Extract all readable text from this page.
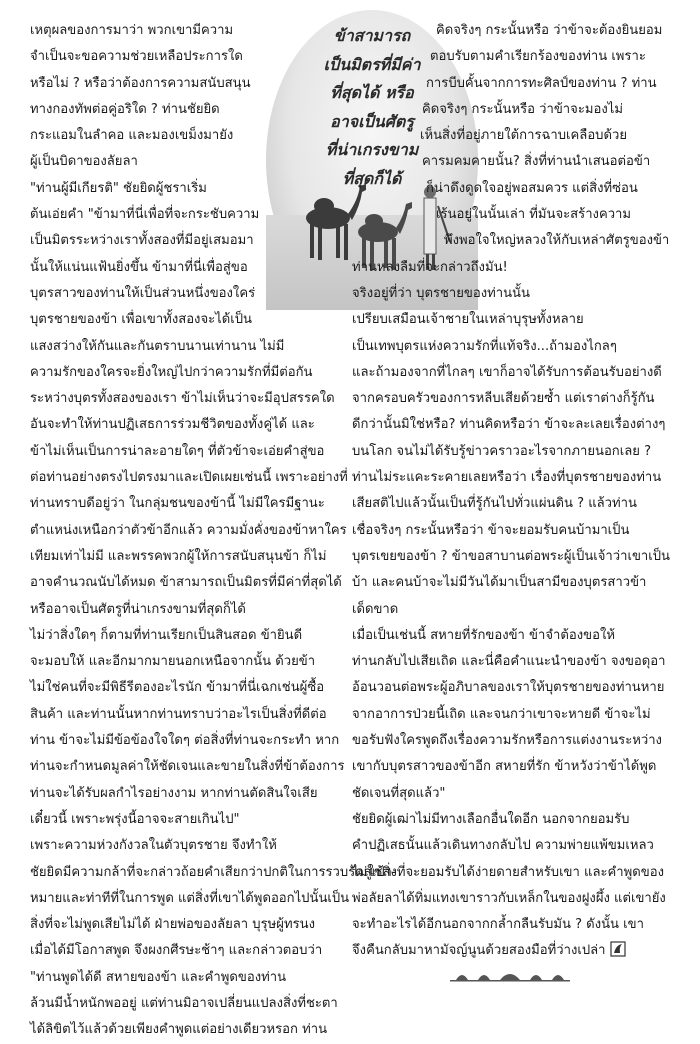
ข้าสามารถ
เป็นมิตรที่มีค่า
ที่สุดได้ หรือ
อาจเป็นศัตรู
ที่น่าเกรงขาม
ที่สุดก็ได้

เหตุผลของการมาว่า พวกเขามีความ

จำเป็นจะขอความช่วยเหลือประการใด

หรือไม่ ? หรือว่าต้องการความสนับสนุน

ทางกองทัพต่อคู่อริใด ? ท่านชัยยิด

กระแอมในลำคอ และมองเขม็งมายัง

ผู้เป็นบิดาของลัยลา

"ท่านผู้มีเกียรติ" ชัยยิดผู้ชราเริ่ม

ต้นเอ่ยคำ "ข้ามาที่นี่เพื่อที่จะกระชับความ

เป็นมิตรระหว่างเราทั้งสองที่มีอยู่เสมอมา

นั้นให้แน่นแฟ้นยิ่งขึ้น ข้ามาที่นี่เพื่อสู่ขอ

บุตรสาวของท่านให้เป็นส่วนหนึ่งของใคร่

บุตรชายของข้า เพื่อเขาทั้งสองจะได้เป็น

แสงสว่างให้กันและกันตราบนานเท่านาน ไม่มี

ความรักของใครจะยิ่งใหญ่ไปกว่าความรักที่มีต่อกัน

ระหว่างบุตรทั้งสองของเรา ข้าไม่เห็นว่าจะมีอุปสรรคใด

อันจะทำให้ท่านปฏิเสธการร่วมชีวิตของทั้งคู่ได้ และ

ข้าไม่เห็นเป็นการน่าละอายใดๆ ที่ตัวข้าจะเอ่ยคำสู่ขอ

ต่อท่านอย่างตรงไปตรงมาและเปิดเผยเช่นนี้ เพราะอย่างที่

ท่านทราบดีอยู่ว่า ในกลุ่มชนของข้านี้ ไม่มีใครมีฐานะ

ตำแหน่งเหนือกว่าตัวข้าอีกแล้ว ความมั่งคั่งของข้าหาใคร

เทียมเท่าไม่มี และพรรคพวกผู้ให้การสนับสนุนข้า ก็ไม่

อาจคำนวณนับได้หมด ข้าสามารถเป็นมิตรที่มีค่าที่สุดได้

หรืออาจเป็นศัตรูที่น่าเกรงขามที่สุดก็ได้

ไม่ว่าสิ่งใดๆ ก็ตามที่ท่านเรียกเป็นสินสอด ข้ายินดี

จะมอบให้ และอีกมากมายนอกเหนือจากนั้น ด้วยข้า

ไม่ใช่คนที่จะมีพิธีรีตองอะไรนัก ข้ามาที่นี่เฉกเช่นผู้ซื้อ

สินค้า และท่านนั้นหากท่านทราบว่าอะไรเป็นสิ่งที่ดีต่อ

ท่าน ข้าจะไม่มีข้อข้องใจใดๆ ต่อสิ่งที่ท่านจะกระทำ หาก

ท่านจะกำหนดมูลค่าให้ชัดเจนและขายในสิ่งที่ข้าต้องการ

ท่านจะได้รับผลกำไรอย่างงาม หากท่านตัดสินใจเสีย

เดี๋ยวนี้ เพราะพรุ่งนี้อาจจะสายเกินไป"

เพราะความห่วงกังวลในตัวบุตรชาย จึงทำให้

ชัยยิดมีความกล้าที่จะกล่าวถ้อยคำเสียกว่าปกติในการรวบรัดสู่เป้า-

หมายและท่าทีที่ในการพูด แต่สิ่งที่เขาได้พูดออกไปนั้นเป็น

สิ่งที่จะไม่พูดเสียไม่ได้ ฝ่ายพ่อของลัยลา บุรุษผู้ทรนง

เมื่อได้มีโอกาสพูด จึงผงกศีรษะช้าๆ และกล่าวตอบว่า

"ท่านพูดได้ดี สหายของข้า และคำพูดของท่าน

ล้วนมีน้ำหนักพออยู่ แต่ท่านมิอาจเปลี่ยนแปลงสิ่งที่ชะตา

ได้ลิขิตไว้แล้วด้วยเพียงคำพูดแต่อย่างเดียวหรอก ท่าน

คิดจริงๆ กระนั้นหรือ ว่าข้าจะต้องยินยอม

ตอบรับตามคำเรียกร้องของท่าน เพราะ

การบีบคั้นจากการทะศิลป์ของท่าน ? ท่าน

คิดจริงๆ กระนั้นหรือ ว่าข้าจะมองไม่

เห็นสิ่งที่อยู่ภายใต้การฉาบเคลือบด้วย

คารมคมคายนั้น? สิ่งที่ท่านนำเสนอต่อข้า

ก็น่าดึงดูดใจอยู่พอสมควร แต่สิ่งที่ซ่อน

เร้นอยู่ในนั้นเล่า ที่มันจะสร้างความ

พึงพอใจใหญ่หลวงให้กับเหล่าศัตรูของข้า

ท่านหลงลืมที่จะกล่าวถึงมัน!

จริงอยู่ที่ว่า บุตรชายของท่านนั้น

เปรียบเสมือนเจ้าชายในเหล่าบุรุษทั้งหลาย

เป็นเทพบุตรแห่งความรักที่แท้จริง...ถ้ามองไกลๆ

และถ้ามองจากที่ไกลๆ เขาก็อาจได้รับการต้อนรับอย่างดี

จากครอบครัวของการหลีบเสียด้วยซ้ำ แต่เราต่างก็รู้กัน

ดีกว่านั้นมิใช่หรือ? ท่านคิดหรือว่า ข้าจะละเลยเรื่องต่างๆ

บนโลก จนไม่ได้รับรู้ข่าวคราวอะไรจากภายนอกเลย ?

ท่านไม่ระแคะระคายเลยหรือว่า เรื่องที่บุตรชายของท่าน

เสียสติไปแล้วนั้นเป็นที่รู้กันไปทั่วแผ่นดิน ? แล้วท่าน

เชื่อจริงๆ กระนั้นหรือว่า ข้าจะยอมรับคนบ้ามาเป็น

บุตรเขยของข้า ? ข้าขอสาบานต่อพระผู้เป็นเจ้าว่าเขาเป็น

บ้า และคนบ้าจะไม่มีวันได้มาเป็นสามีของบุตรสาวข้า

เด็ดขาด

เมื่อเป็นเช่นนี้ สหายที่รักของข้า ข้าจำต้องขอให้

ท่านกลับไปเสียเถิด และนี่คือคำแนะนำของข้า จงขอดุอา

อ้อนวอนต่อพระผู้อภิบาลของเราให้บุตรชายของท่านหาย

จากอาการป่วยนี้เถิด และจนกว่าเขาจะหายดี ข้าจะไม่

ขอรับฟังใครพูดถึงเรื่องความรักหรือการแต่งงานระหว่าง

เขากับบุตรสาวของข้าอีก สหายที่รัก ข้าหวังว่าข้าได้พูด

ชัดเจนที่สุดแล้ว"

ชัยยิดผู้เฒ่าไม่มีทางเลือกอื่นใดอีก นอกจากยอมรับ

คำปฏิเสธนั้นแล้วเดินทางกลับไป ความพ่ายแพ้ขมเหลว

ไม่ใช่สิ่งที่จะยอมรับได้ง่ายดายสำหรับเขา และคำพูดของ

พ่อลัยลาได้ทิ่มแทงเขาราวกับเหล็กในของฝูงผึ้ง แต่เขายัง

จะทำอะไรได้อีกนอกจากกล้ำกลืนรับมัน ? ดังนั้น เขา

จึงคืนกลับมาหามัจญ์นูนด้วยสองมือที่ว่างเปล่า
